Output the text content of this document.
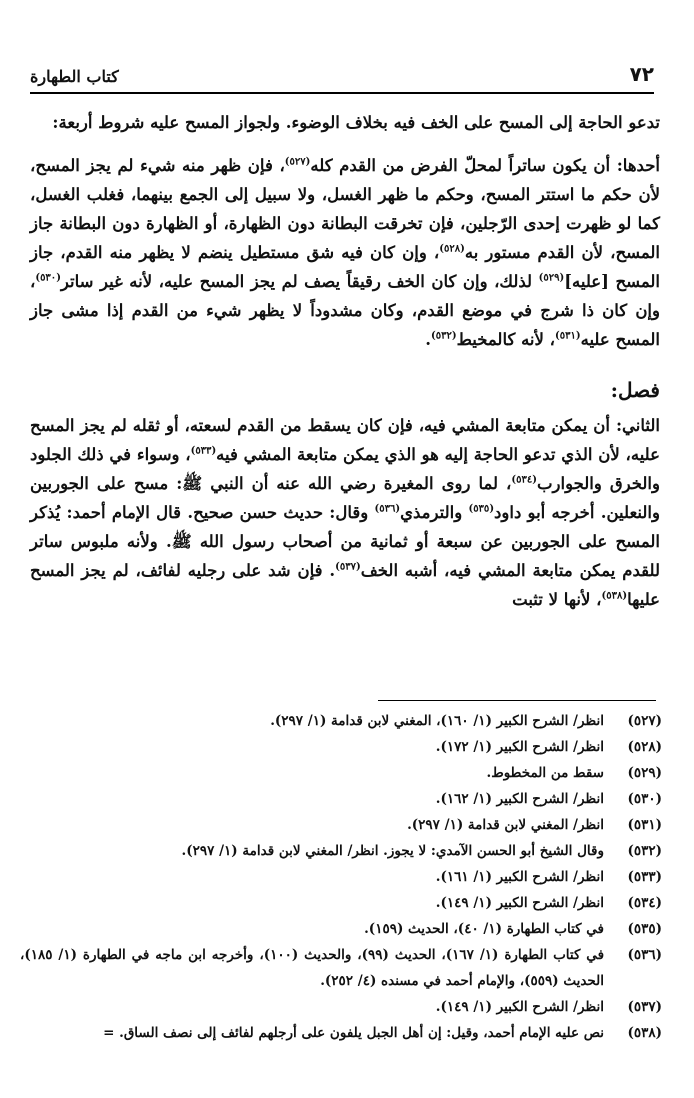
٧٢
كتاب الطهارة

تدعو الحاجة إلى المسح على الخف فيه بخلاف الوضوء. ولجواز المسح عليه شروط أربعة:

أحدها: أن يكون ساتراً لمحلّ الفرض من القدم كله$^{(٥٢٧)}$، فإن ظهر منه شيء لم يجز المسح، لأن حكم ما استتر المسح، وحكم ما ظهر الغسل، ولا سبيل إلى الجمع بينهما، فغلب الغسل، كما لو ظهرت إحدى الرّجلين، فإن تخرقت البطانة دون الظهارة، أو الظهارة دون البطانة جاز المسح، لأن القدم مستور به$^{(٥٢٨)}$، وإن كان فيه شق مستطيل ينضم لا يظهر منه القدم، جاز المسح [عليه]$^{(٥٢٩)}$ لذلك، وإن كان الخف رقيقاً يصف لم يجز المسح عليه، لأنه غير ساتر$^{(٥٣٠)}$، وإن كان ذا شرج في موضع القدم، وكان مشدوداً لا يظهر شيء من القدم إذا مشى جاز المسح عليه$^{(٥٣١)}$، لأنه كالمخيط$^{(٥٣٢)}$.

فصل:

الثاني: أن يمكن متابعة المشي فيه، فإن كان يسقط من القدم لسعته، أو ثقله لم يجز المسح عليه، لأن الذي تدعو الحاجة إليه هو الذي يمكن متابعة المشي فيه$^{(٥٣٣)}$، وسواء في ذلك الجلود والخرق والجوارب$^{(٥٣٤)}$، لما روى المغيرة رضي الله عنه أن النبي ﷺ: مسح على الجوربين والنعلين. أخرجه أبو داود$^{(٥٣٥)}$ والترمذي$^{(٥٣٦)}$ وقال: حديث حسن صحيح. قال الإمام أحمد: يُذكر المسح على الجوربين عن سبعة أو ثمانية من أصحاب رسول الله ﷺ. ولأنه ملبوس ساتر للقدم يمكن متابعة المشي فيه، أشبه الخف$^{(٥٣٧)}$. فإن شد على رجليه لفائف، لم يجز المسح عليها$^{(٥٣٨)}$، لأنها لا تثبت

(٥٢٧)
انظر/ الشرح الكبير (١/ ١٦٠)، المغني لابن قدامة (١/ ٢٩٧).
(٥٢٨)
انظر/ الشرح الكبير (١/ ١٧٢).
(٥٢٩)
سقط من المخطوط.
(٥٣٠)
انظر/ الشرح الكبير (١/ ١٦٢).
(٥٣١)
انظر/ المغني لابن قدامة (١/ ٢٩٧).
(٥٣٢)
وقال الشيخ أبو الحسن الآمدي: لا يجوز. انظر/ المغني لابن قدامة (١/ ٢٩٧).
(٥٣٣)
انظر/ الشرح الكبير (١/ ١٦١).
(٥٣٤)
انظر/ الشرح الكبير (١/ ١٤٩).
(٥٣٥)
في كتاب الطهارة (١/ ٤٠)، الحديث (١٥٩).
(٥٣٦)
في كتاب الطهارة (١/ ١٦٧)، الحديث (٩٩)، والحديث (١٠٠)، وأخرجه ابن ماجه في الطهارة (١/ ١٨٥)، الحديث (٥٥٩)، والإمام أحمد في مسنده (٤/ ٢٥٢).
(٥٣٧)
انظر/ الشرح الكبير (١/ ١٤٩).
(٥٣٨)
نص عليه الإمام أحمد، وقيل: إن أهل الجبل يلفون على أرجلهم لفائف إلى نصف الساق. =
